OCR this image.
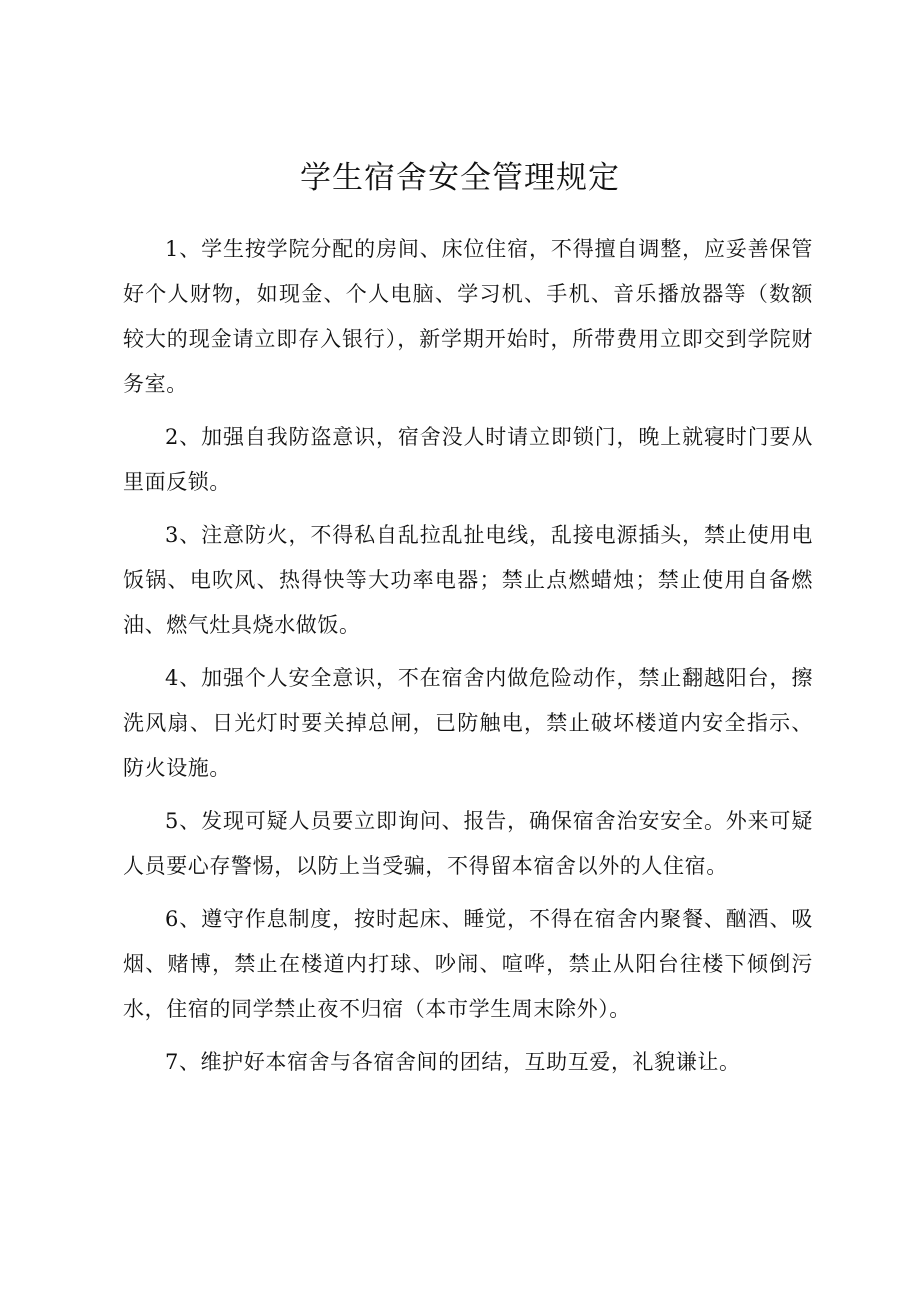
学生宿舍安全管理规定

1、学生按学院分配的房间、床位住宿，不得擅自调整，应妥善保管好个人财物，如现金、个人电脑、学习机、手机、音乐播放器等（数额较大的现金请立即存入银行），新学期开始时，所带费用立即交到学院财务室。

2、加强自我防盗意识，宿舍没人时请立即锁门，晚上就寝时门要从里面反锁。

3、注意防火，不得私自乱拉乱扯电线，乱接电源插头，禁止使用电饭锅、电吹风、热得快等大功率电器；禁止点燃蜡烛；禁止使用自备燃油、燃气灶具烧水做饭。

4、加强个人安全意识，不在宿舍内做危险动作，禁止翻越阳台，擦洗风扇、日光灯时要关掉总闸，已防触电，禁止破坏楼道内安全指示、防火设施。

5、发现可疑人员要立即询问、报告，确保宿舍治安安全。外来可疑人员要心存警惕，以防上当受骗，不得留本宿舍以外的人住宿。

6、遵守作息制度，按时起床、睡觉，不得在宿舍内聚餐、酗酒、吸烟、赌博，禁止在楼道内打球、吵闹、喧哗，禁止从阳台往楼下倾倒污水，住宿的同学禁止夜不归宿（本市学生周末除外）。

7、维护好本宿舍与各宿舍间的团结，互助互爱，礼貌谦让。
